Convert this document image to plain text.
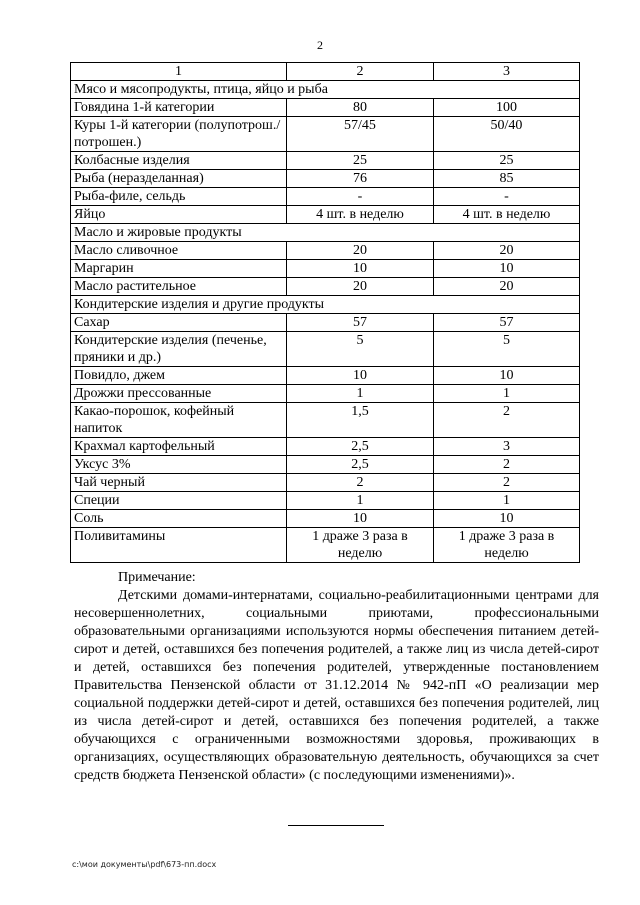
2
1	2	3
Мясо и мясопродукты, птица, яйцо и рыба		
Говядина 1-й категории	80	100
Куры 1-й категории (полупотрош./потрошен.)	57/45	50/40
Колбасные изделия	25	25
Рыба (неразделанная)	76	85
Рыба-филе, сельдь	-	-
Яйцо	4 шт. в неделю	4 шт. в неделю
Масло и жировые продукты		
Масло сливочное	20	20
Маргарин	10	10
Масло растительное	20	20
Кондитерские изделия и другие продукты		
Сахар	57	57
Кондитерские изделия (печенье, пряники и др.)	5	5
Повидло, джем	10	10
Дрожжи прессованные	1	1
Какао-порошок, кофейный напиток	1,5	2
Крахмал картофельный	2,5	3
Уксус 3%	2,5	2
Чай черный	2	2
Специи	1	1
Соль	10	10
Поливитамины	1 драже 3 раза в неделю	1 драже 3 раза в неделю

Примечание:

Детскими домами-интернатами, социально-реабилитационными центрами для несовершеннолетних, социальными приютами, профессиональными образовательными организациями используются нормы обеспечения питанием детей-сирот и детей, оставшихся без попечения родителей, а также лиц из числа детей-сирот и детей, оставшихся без попечения родителей, утвержденные постановлением Правительства Пензенской области от 31.12.2014 № 942-пП «О реализации мер социальной поддержки детей-сирот и детей, оставшихся без попечения родителей, лиц из числа детей-сирот и детей, оставшихся без попечения родителей, а также обучающихся с ограниченными возможностями здоровья, проживающих в организациях, осуществляющих образовательную деятельность, обучающихся за счет средств бюджета Пензенской области» (с последующими изменениями)».

c:\мои документы\pdf\673-пп.docx
